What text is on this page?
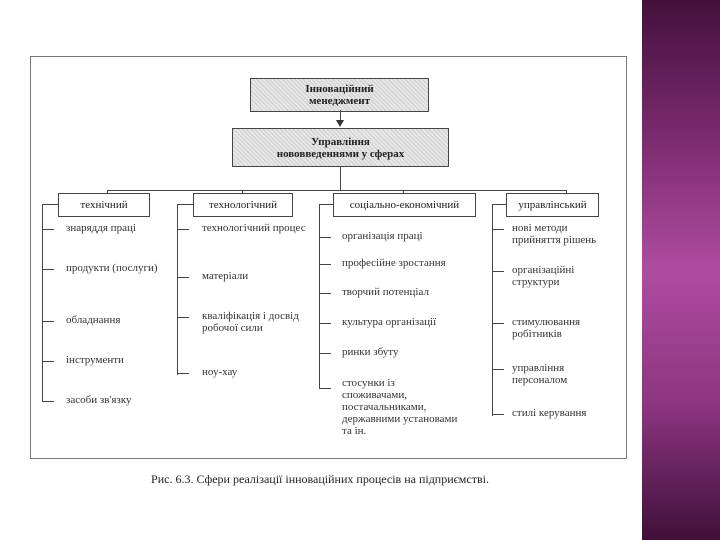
Інноваційний
менеджмент
Управління
нововведеннями у сферах
технічний	технологічний	соціально-економічний	управлінський
знаряддя праці
продукти (послуги)
обладнання
інструменти
засоби зв'язку
технологічний процес
матеріали
кваліфікація і досвід робочої сили
ноу-хау
організація праці
професійне зростання
творчий потенціал
культура організації
ринки збуту
стосунки із споживачами, постачальниками, державними установами та ін.
нові методи прийняття рішень
організаційні структури
стимулювання робітників
управління персоналом
стилі керування
Рис. 6.3. Сфери реалізації інноваційних процесів на підприємстві.
